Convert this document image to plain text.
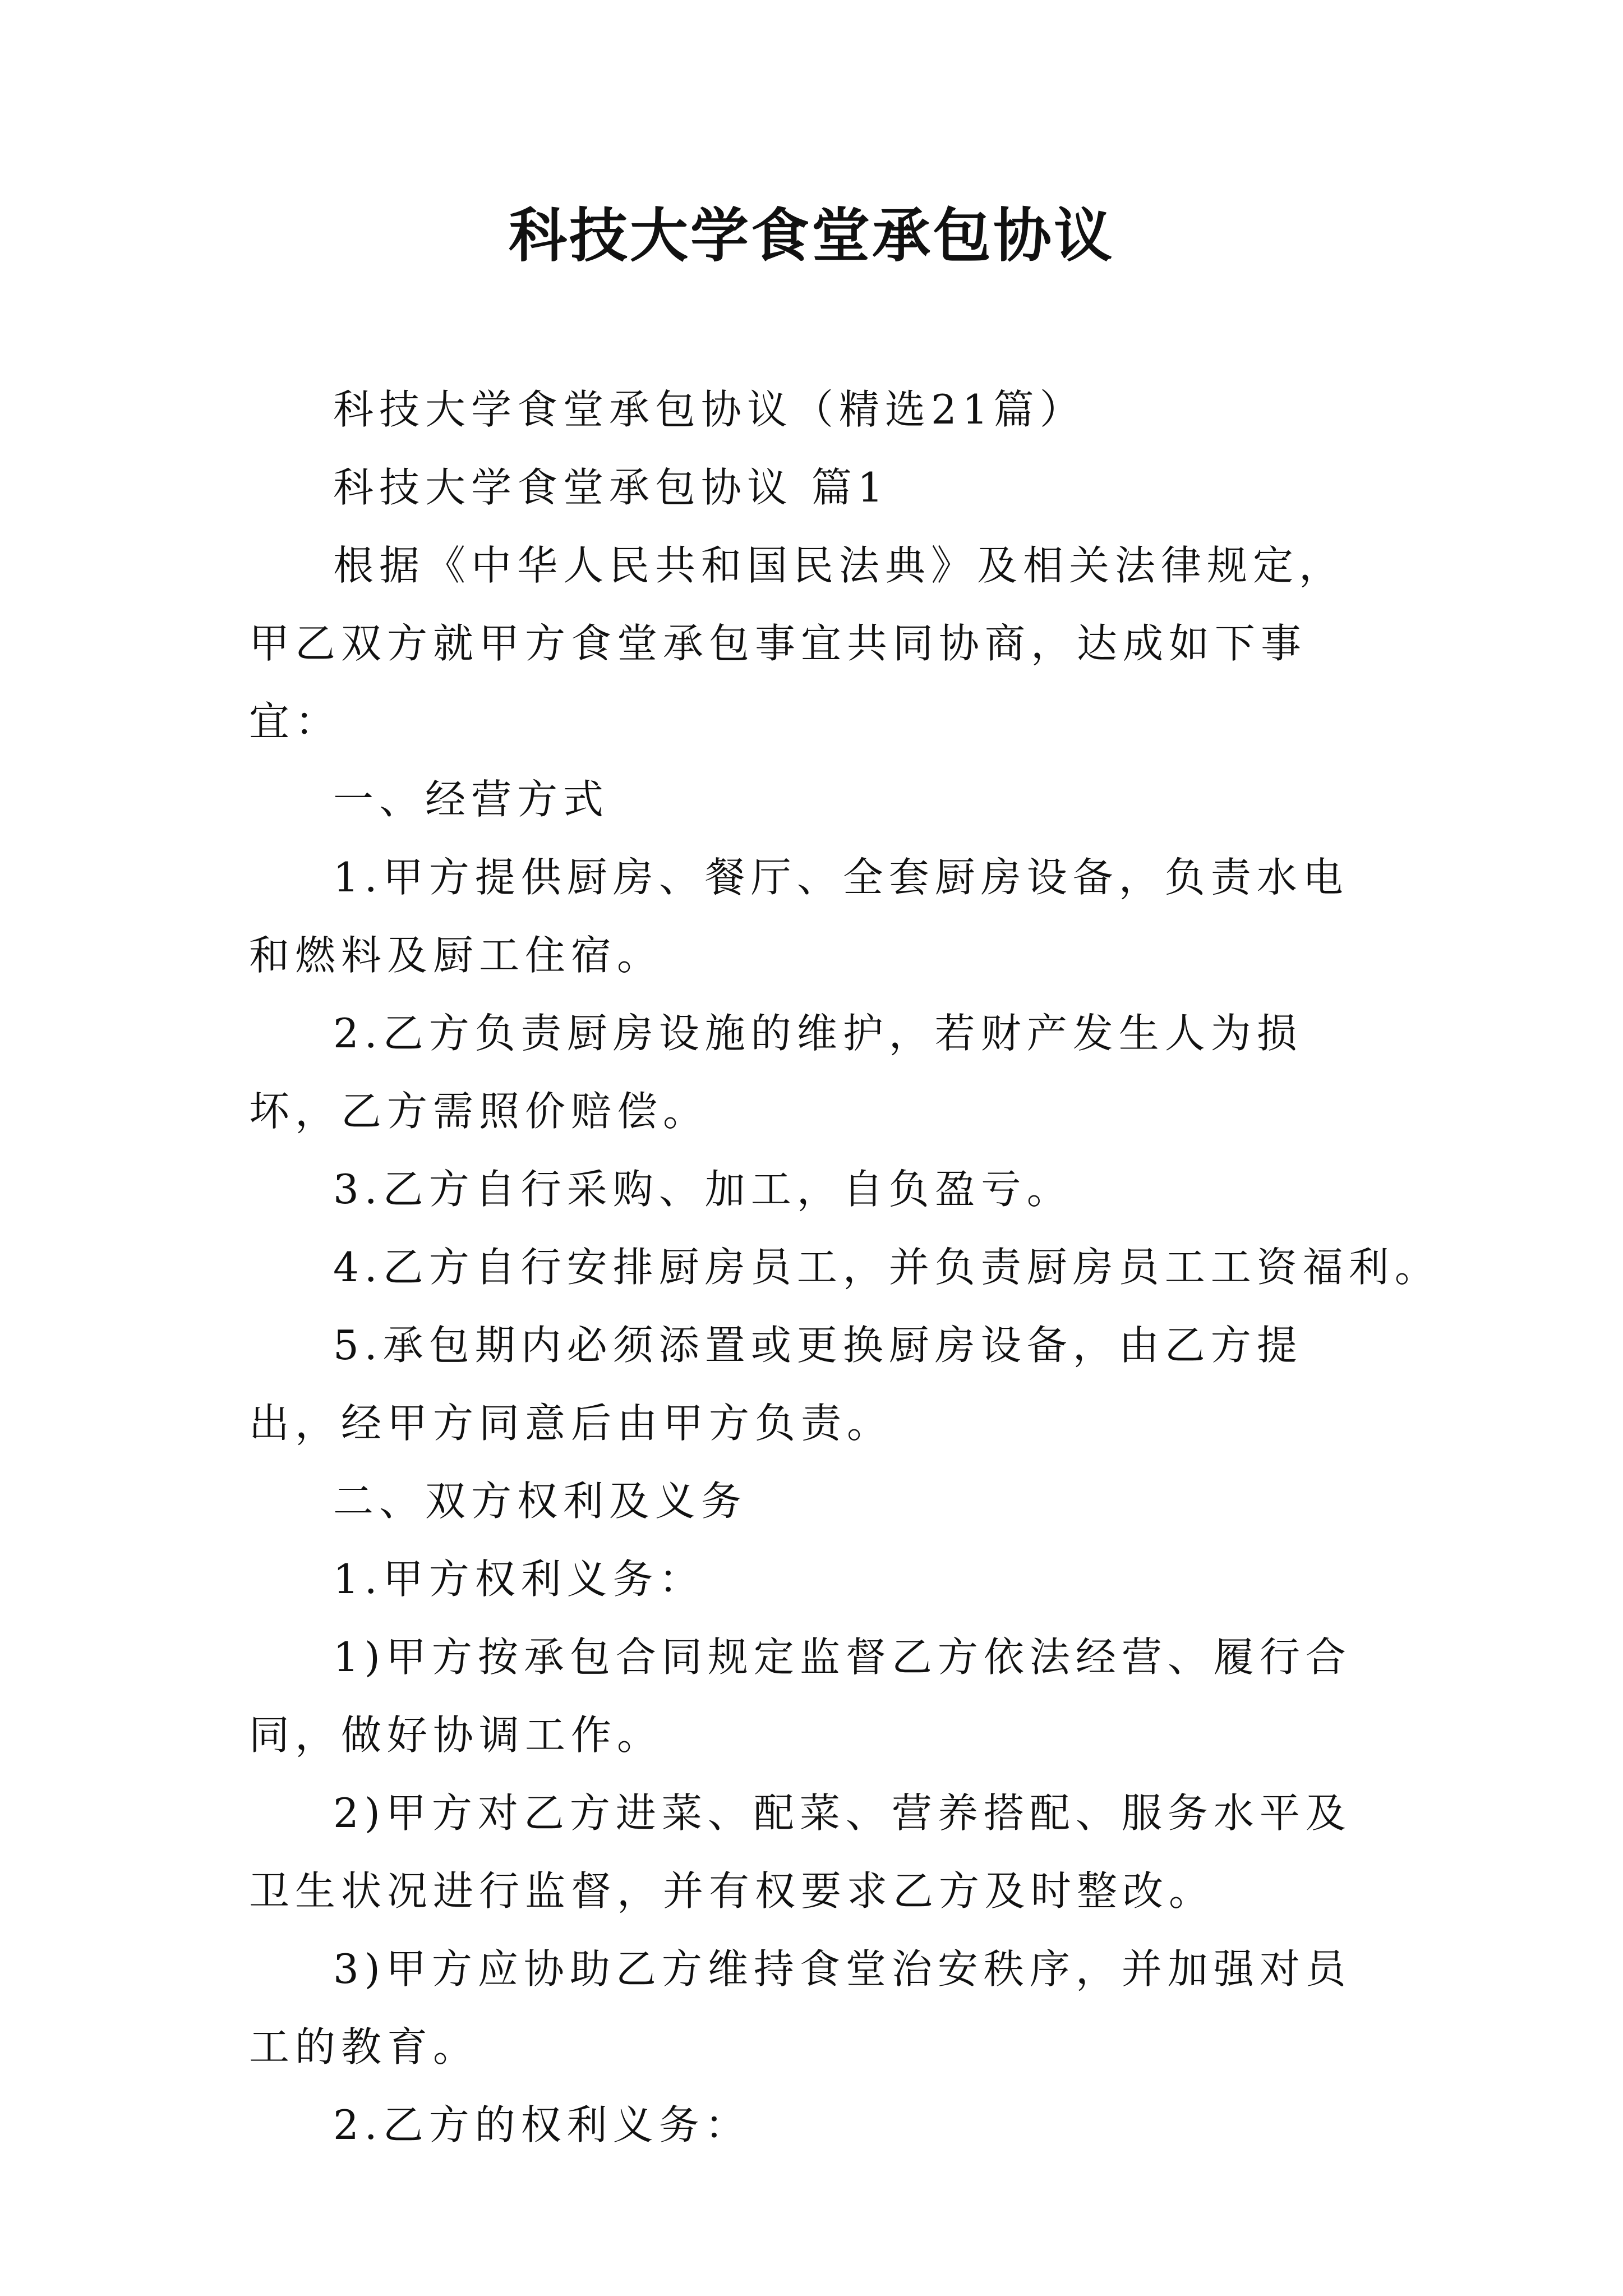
科技大学食堂承包协议

科技大学食堂承包协议（精选21篇）

科技大学食堂承包协议 篇1

根据《中华人民共和国民法典》及相关法律规定，甲乙双方就甲方食堂承包事宜共同协商，达成如下事宜：

一、经营方式

1.甲方提供厨房、餐厅、全套厨房设备，负责水电和燃料及厨工住宿。

2.乙方负责厨房设施的维护，若财产发生人为损坏，乙方需照价赔偿。

3.乙方自行采购、加工，自负盈亏。

4.乙方自行安排厨房员工，并负责厨房员工工资福利。

5.承包期内必须添置或更换厨房设备，由乙方提出，经甲方同意后由甲方负责。

二、双方权利及义务

1.甲方权利义务：

1)甲方按承包合同规定监督乙方依法经营、履行合同，做好协调工作。

2)甲方对乙方进菜、配菜、营养搭配、服务水平及卫生状况进行监督，并有权要求乙方及时整改。

3)甲方应协助乙方维持食堂治安秩序，并加强对员工的教育。

2.乙方的权利义务：
